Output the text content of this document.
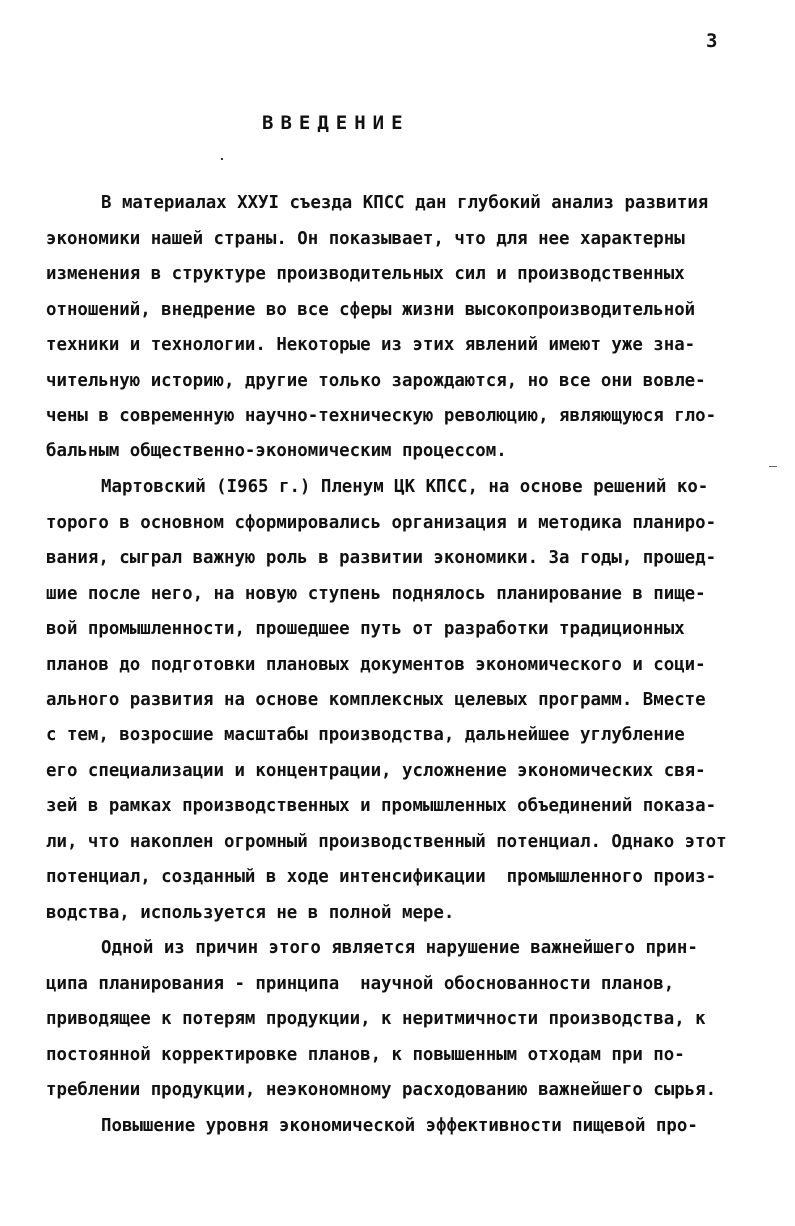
3
ВВЕДЕНИЕ
В материалах XXУI съезда КПСС дан глубокий анализ развития
экономики нашей страны. Он показывает, что для нее характерны
изменения в структуре производительных сил и производственных
отношений, внедрение во все сферы жизни высокопроизводительной
техники и технологии. Некоторые из этих явлений имеют уже зна-
чительную историю, другие только зарождаются, но все они вовле-
чены в современную научно-техническую революцию, являющуюся гло-
бальным общественно-экономическим процессом.
Мартовский (I965 г.) Пленум ЦК КПСС, на основе решений ко-
торого в основном сформировались организация и методика планиро-
вания, сыграл важную роль в развитии экономики. За годы, прошед-
шие после него, на новую ступень поднялось планирование в пище-
вой промышленности, прошедшее путь от разработки традиционных
планов до подготовки плановых документов экономического и соци-
ального развития на основе комплексных целевых программ. Вместе
с тем, возросшие масштабы производства, дальнейшее углубление
его специализации и концентрации, усложнение экономических свя-
зей в рамках производственных и промышленных объединений показа-
ли, что накоплен огромный производственный потенциал. Однако этот
потенциал, созданный в ходе интенсификации  промышленного произ-
водства, используется не в полной мере.
Одной из причин этого является нарушение важнейшего прин-
ципа планирования - принципа  научной обоснованности планов,
приводящее к потерям продукции, к неритмичности производства, к
постоянной корректировке планов, к повышенным отходам при по-
треблении продукции, неэкономному расходованию важнейшего сырья.
Повышение уровня экономической эффективности пищевой про-
